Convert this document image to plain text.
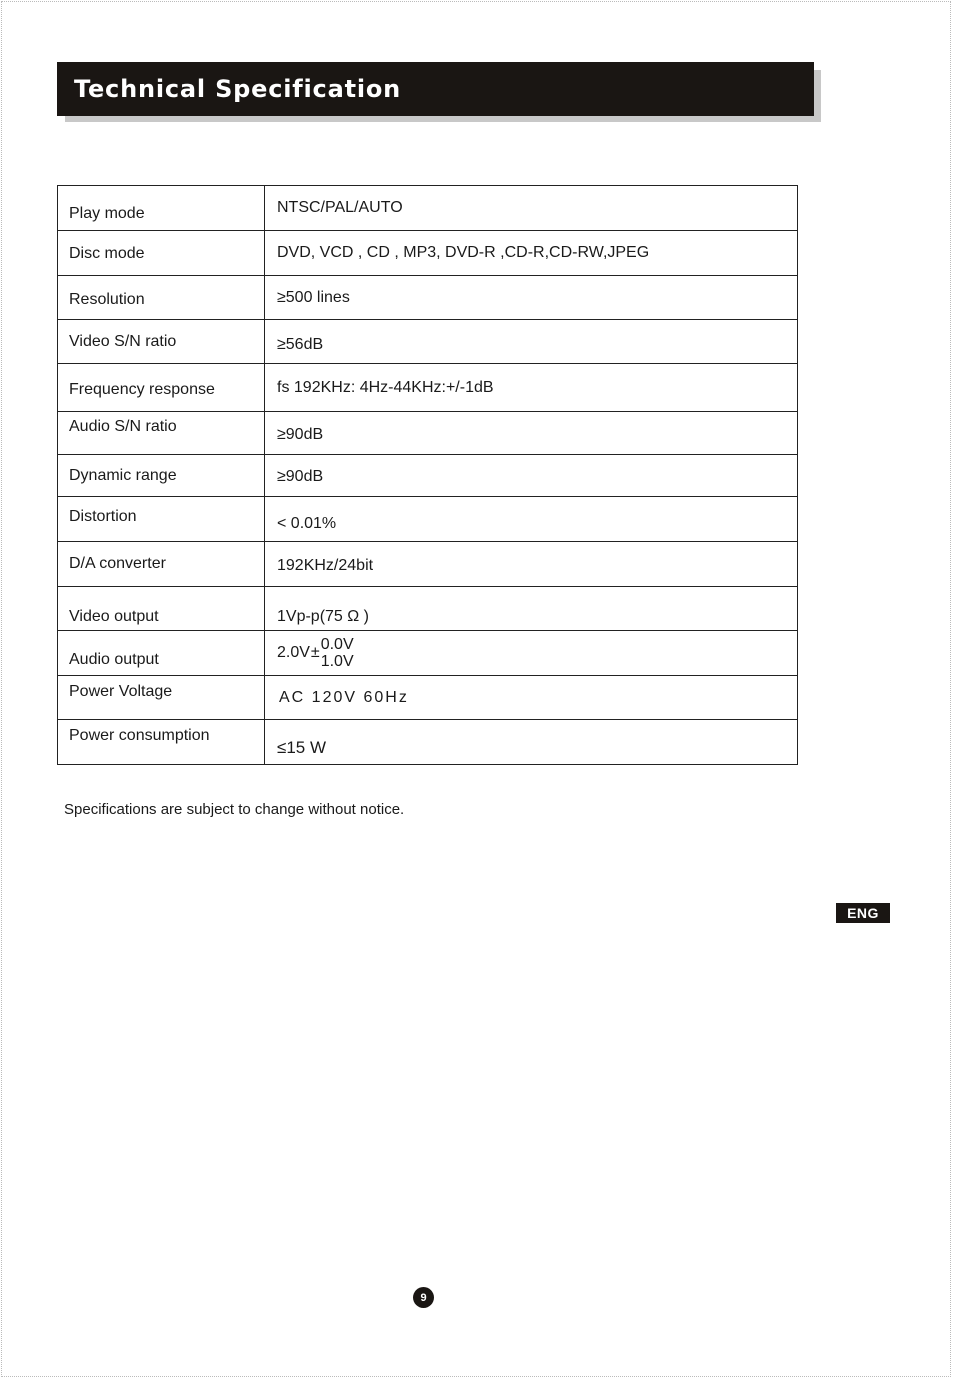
Technical Specification
Play mode	NTSC/PAL/AUTO
Disc mode	DVD, VCD , CD , MP3, DVD-R ,CD-R,CD-RW,JPEG
Resolution	≥500 lines
Video S/N ratio	≥56dB
Frequency response	fs 192KHz: 4Hz-44KHz:+/-1dB
Audio S/N ratio	≥90dB
Dynamic range	≥90dB
Distortion	< 0.01%
D/A converter	192KHz/24bit
Video output	1Vp-p(75 Ω )
Audio output	2.0V ± 0.0V
1.0V

Power Voltage	AC 120V 60Hz
Power consumption	≤15 W
Specifications are subject to change without notice.
ENG
9
